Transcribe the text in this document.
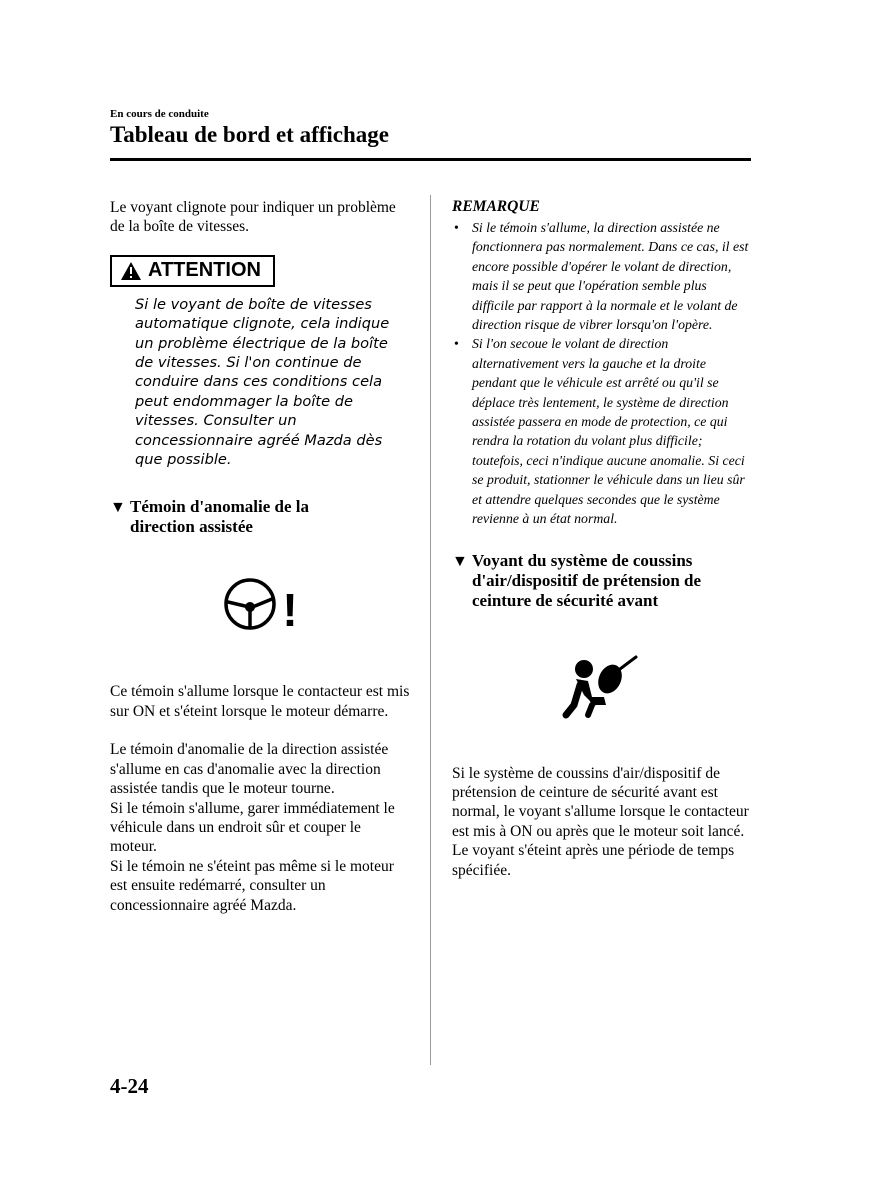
En cours de conduite
Tableau de bord et affichage

Le voyant clignote pour indiquer un problème de la boîte de vitesses.

ATTENTION

Si le voyant de boîte de vitesses automatique clignote, cela indique un problème électrique de la boîte de vitesses. Si l'on continue de conduire dans ces conditions cela peut endommager la boîte de vitesses. Consulter un concessionnaire agréé Mazda dès que possible.

▼ Témoin d'anomalie de la
direction assistée
!

Ce témoin s'allume lorsque le contacteur est mis sur ON et s'éteint lorsque le moteur démarre.

Le témoin d'anomalie de la direction assistée s'allume en cas d'anomalie avec la direction assistée tandis que le moteur tourne.

Si le témoin s'allume, garer immédiatement le véhicule dans un endroit sûr et couper le moteur.

Si le témoin ne s'éteint pas même si le moteur est ensuite redémarré, consulter un concessionnaire agréé Mazda.

REMARQUE

• Si le témoin s'allume, la direction assistée ne fonctionnera pas normalement. Dans ce cas, il est encore possible d'opérer le volant de direction, mais il se peut que l'opération semble plus difficile par rapport à la normale et le volant de direction risque de vibrer lorsqu'on l'opère.
• Si l'on secoue le volant de direction alternativement vers la gauche et la droite pendant que le véhicule est arrêté ou qu'il se déplace très lentement, le système de direction assistée passera en mode de protection, ce qui rendra la rotation du volant plus difficile; toutefois, ceci n'indique aucune anomalie. Si ceci se produit, stationner le véhicule dans un lieu sûr et attendre quelques secondes que le système revienne à un état normal.
▼ Voyant du système de coussins
d'air/dispositif de prétension de
ceinture de sécurité avant

Si le système de coussins d'air/dispositif de prétension de ceinture de sécurité avant est normal, le voyant s'allume lorsque le contacteur est mis à ON ou après que le moteur soit lancé. Le voyant s'éteint après une période de temps spécifiée.

4-24
